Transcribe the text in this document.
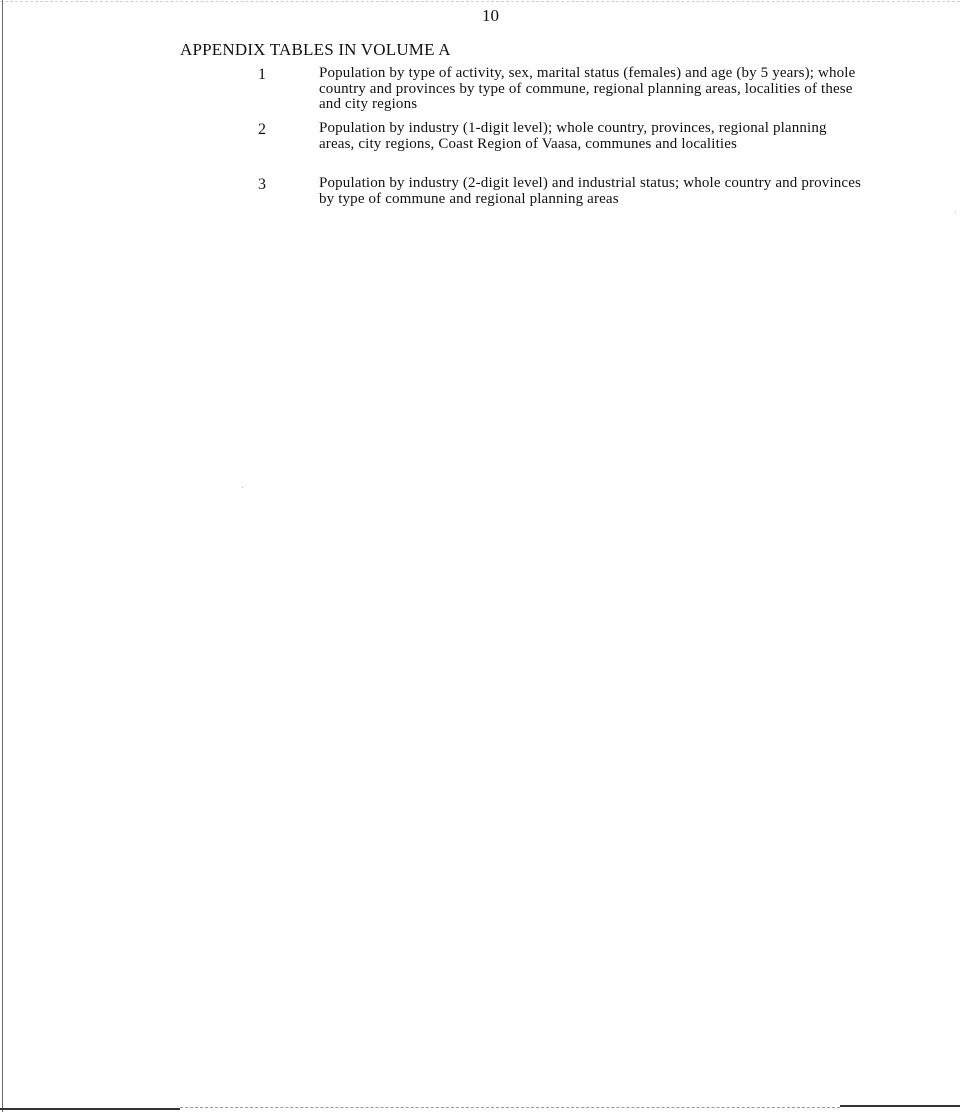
10
APPENDIX TABLES IN VOLUME A
1	Population by type of activity, sex, marital status (females) and age (by 5 years); whole country and provinces by type of commune, regional planning areas, localities of these and city regions
2	Population by industry (1-digit level); whole country, provinces, regional planning areas, city regions, Coast Region of Vaasa, communes and localities
3	Population by industry (2-digit level) and industrial status; whole country and provinces by type of commune and regional planning areas
